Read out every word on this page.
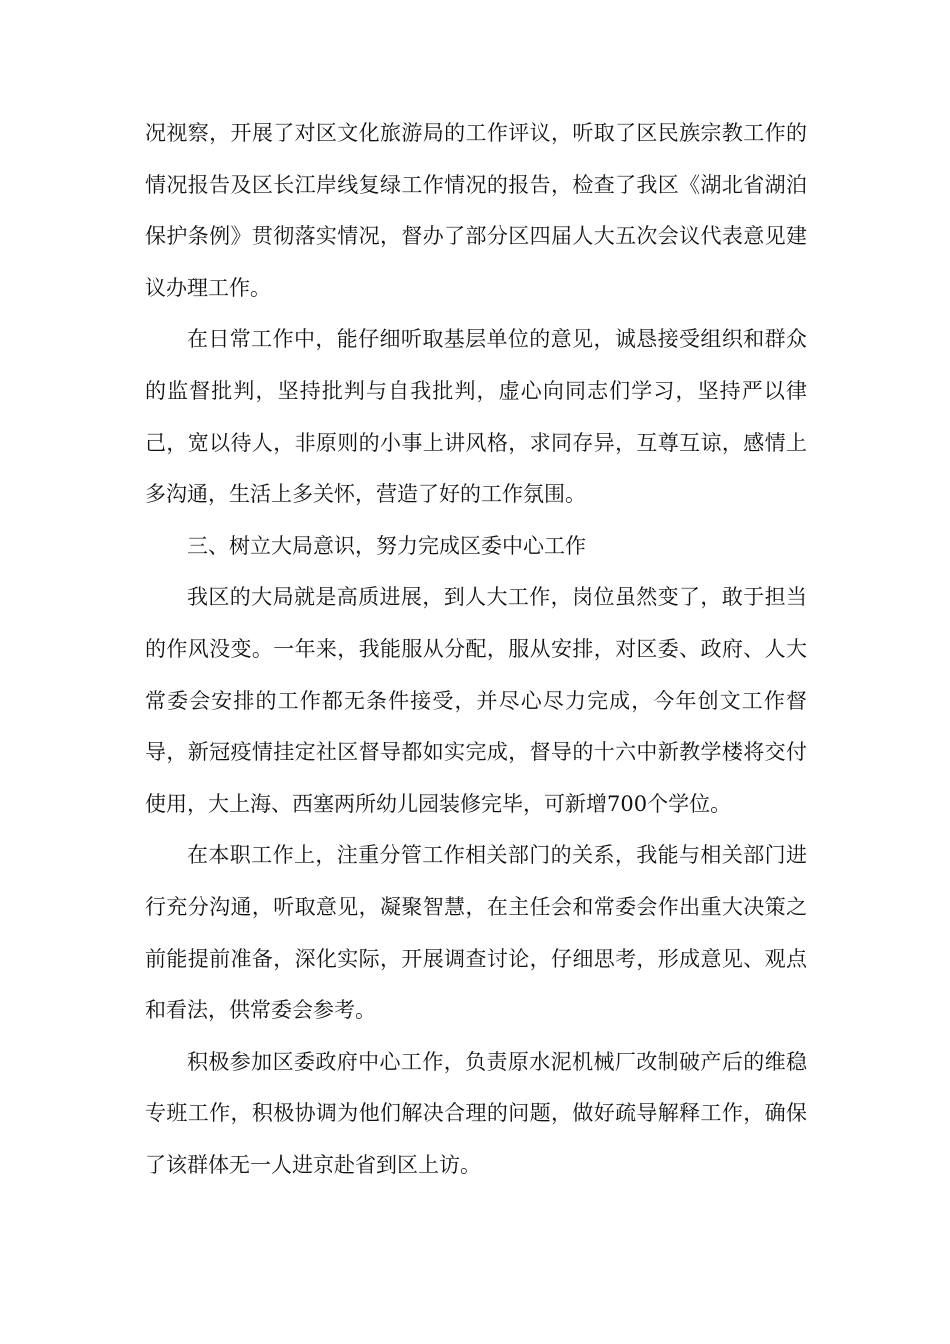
况视察，开展了对区文化旅游局的工作评议，听取了区民族宗教工作的情况报告及区长江岸线复绿工作情况的报告，检查了我区《湖北省湖泊保护条例》贯彻落实情况，督办了部分区四届人大五次会议代表意见建议办理工作。

在日常工作中，能仔细听取基层单位的意见，诚恳接受组织和群众的监督批判，坚持批判与自我批判，虚心向同志们学习，坚持严以律己，宽以待人，非原则的小事上讲风格，求同存异，互尊互谅，感情上多沟通，生活上多关怀，营造了好的工作氛围。

三、树立大局意识，努力完成区委中心工作

我区的大局就是高质进展，到人大工作，岗位虽然变了，敢于担当的作风没变。一年来，我能服从分配，服从安排，对区委、政府、人大常委会安排的工作都无条件接受，并尽心尽力完成，今年创文工作督导，新冠疫情挂定社区督导都如实完成，督导的十六中新教学楼将交付使用，大上海、西塞两所幼儿园装修完毕，可新增700个学位。

在本职工作上，注重分管工作相关部门的关系，我能与相关部门进行充分沟通，听取意见，凝聚智慧，在主任会和常委会作出重大决策之前能提前准备，深化实际，开展调查讨论，仔细思考，形成意见、观点和看法，供常委会参考。

积极参加区委政府中心工作，负责原水泥机械厂改制破产后的维稳专班工作，积极协调为他们解决合理的问题，做好疏导解释工作，确保了该群体无一人进京赴省到区上访。
